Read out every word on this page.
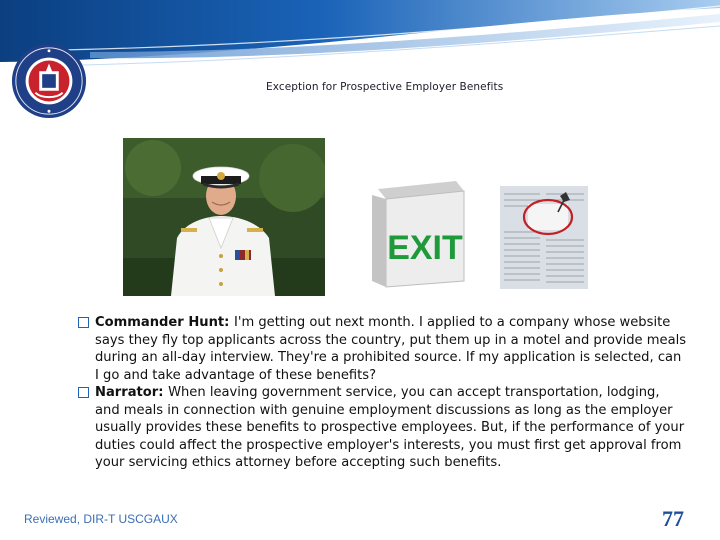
Exception for Prospective Employer Benefits
EXIT
Commander Hunt: I'm getting out next month. I applied to a company whose website says they fly top applicants across the country, put them up in a motel and provide meals during an all-day interview. They're a prohibited source. If my application is selected, can I go and take advantage of these benefits?
Narrator: When leaving government service, you can accept transportation, lodging, and meals in connection with genuine employment discussions as long as the employer usually provides these benefits to prospective employees. But, if the performance of your duties could affect the prospective employer's interests, you must first get approval from your servicing ethics attorney before accepting such benefits.
Reviewed, DIR-T USCGAUX	77
